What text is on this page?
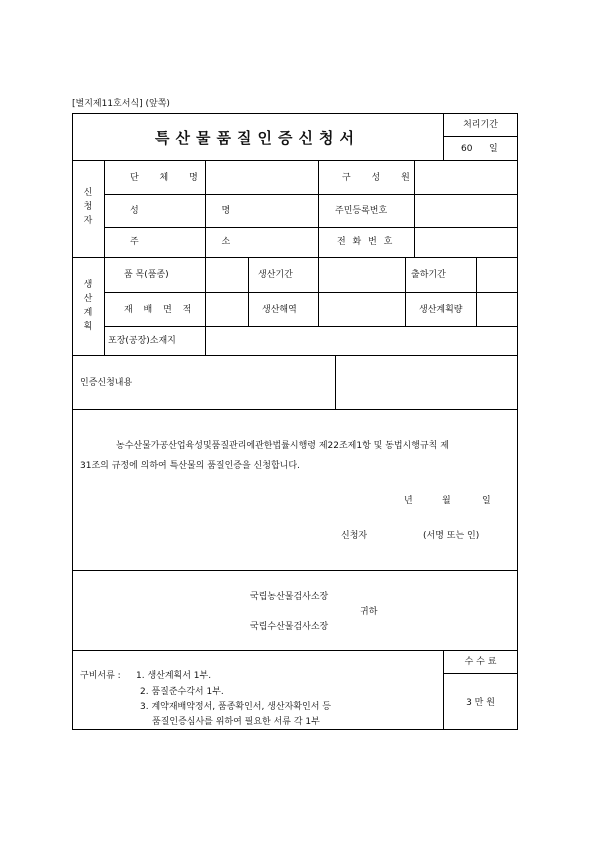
[별지제11호서식] (앞쪽)
특산물품질인증신청서
처리기간
60 일
신
청
자
단 체 명	구 성 원
성 명	주민등록번호
주 소	전 화 번 호
생
산
계
획
품 목(품종)	생산기간	출하기간
재 배 면 적	생산해역	생산계획량
포장(공장)소재지
인증신청내용
농수산물가공산업육성및품질관리에관한법률시행령 제22조제1항 및 동법시행규칙 제
31조의 규정에 의하여 특산물의 품질인증을 신청합니다.
년	월	일
신청자	(서명 또는 인)
국립농산물검사소장
귀하
국립수산물검사소장
구비서류 : 1. 생산계획서 1부.
2. 품질준수각서 1부.
3. 계약재배약정서, 품종확인서, 생산자확인서 등
품질인증심사를 위하여 필요한 서류 각 1부
수 수 료
3 만 원
